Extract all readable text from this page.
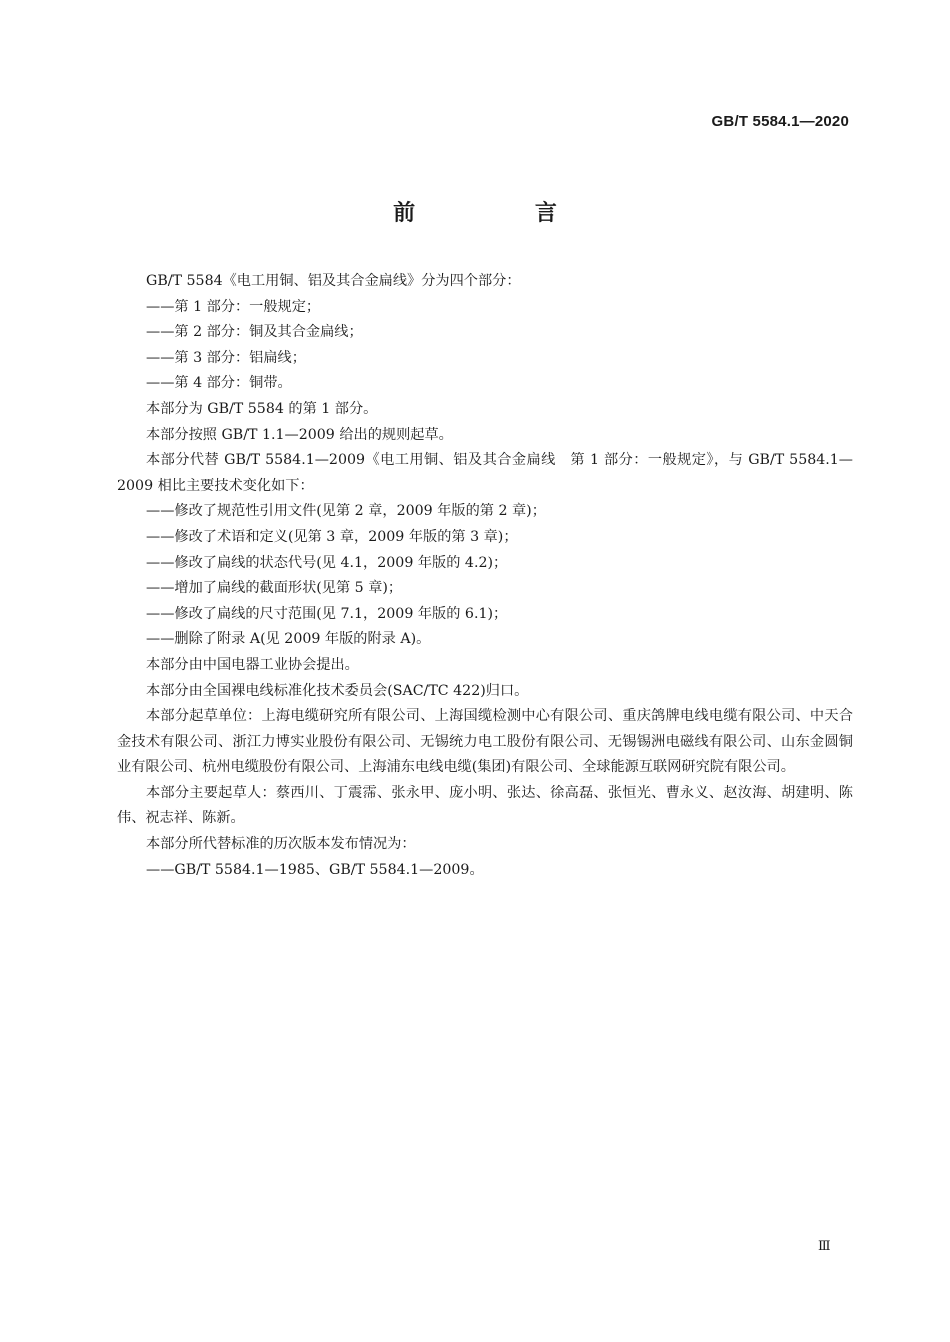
GB/T 5584.1—2020
前 言

GB/T 5584《电工用铜、铝及其合金扁线》分为四个部分：

——第 1 部分：一般规定；

——第 2 部分：铜及其合金扁线；

——第 3 部分：铝扁线；

——第 4 部分：铜带。

本部分为 GB/T 5584 的第 1 部分。

本部分按照 GB/T 1.1—2009 给出的规则起草。

本部分代替 GB/T 5584.1—2009《电工用铜、铝及其合金扁线　第 1 部分：一般规定》，与 GB/T 5584.1—2009 相比主要技术变化如下：

——修改了规范性引用文件(见第 2 章，2009 年版的第 2 章)；

——修改了术语和定义(见第 3 章，2009 年版的第 3 章)；

——修改了扁线的状态代号(见 4.1，2009 年版的 4.2)；

——增加了扁线的截面形状(见第 5 章)；

——修改了扁线的尺寸范围(见 7.1，2009 年版的 6.1)；

——删除了附录 A(见 2009 年版的附录 A)。

本部分由中国电器工业协会提出。

本部分由全国裸电线标准化技术委员会(SAC/TC 422)归口。

本部分起草单位：上海电缆研究所有限公司、上海国缆检测中心有限公司、重庆鸽牌电线电缆有限公司、中天合金技术有限公司、浙江力博实业股份有限公司、无锡统力电工股份有限公司、无锡锡洲电磁线有限公司、山东金圆铜业有限公司、杭州电缆股份有限公司、上海浦东电线电缆(集团)有限公司、全球能源互联网研究院有限公司。

本部分主要起草人：蔡西川、丁震霈、张永甲、庞小明、张达、徐高磊、张恒光、曹永义、赵汝海、胡建明、陈伟、祝志祥、陈新。

本部分所代替标准的历次版本发布情况为：

——GB/T 5584.1—1985、GB/T 5584.1—2009。

Ⅲ
